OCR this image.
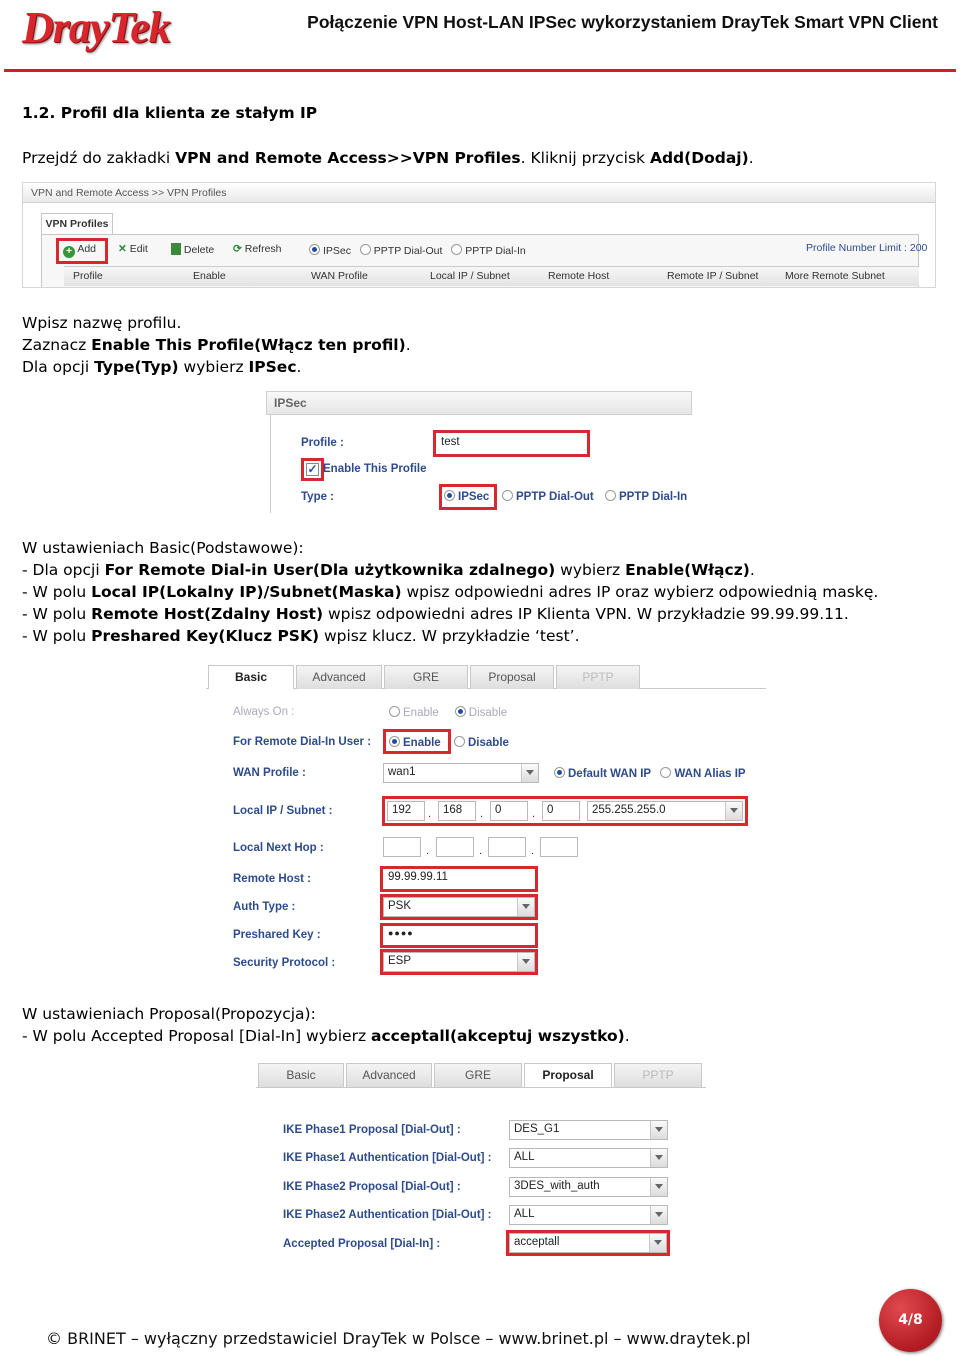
DrayTek	Połączenie VPN Host-LAN IPSec wykorzystaniem DrayTek Smart VPN Client
1.2. Profil dla klienta ze stałym IP
Przejdź do zakładki VPN and Remote Access>>VPN Profiles. Kliknij przycisk Add(Dodaj).
VPN and Remote Access >> VPN Profiles
VPN Profiles
+ Add ✕ Edit	Delete ⟳ Refresh	IPSec PPTP Dial-Out PPTP Dial-In	Profile Number Limit : 200
Profile	Enable	WAN Profile	Local IP / Subnet	Remote Host	Remote IP / Subnet	More Remote Subnet
Wpisz nazwę profilu.
Zaznacz Enable This Profile(Włącz ten profil).
Dla opcji Type(Typ) wybierz IPSec.
IPSec
Profile :	test
✓ Enable This Profile
Type :	IPSec	PPTP Dial-Out	PPTP Dial-In
W ustawieniach Basic(Podstawowe):
- Dla opcji For Remote Dial-in User(Dla użytkownika zdalnego) wybierz Enable(Włącz).
- W polu Local IP(Lokalny IP)/Subnet(Maska) wpisz odpowiedni adres IP oraz wybierz odpowiednią maskę.
- W polu Remote Host(Zdalny Host) wpisz odpowiedni adres IP Klienta VPN. W przykładzie 99.99.99.11.
- W polu Preshared Key(Klucz PSK) wpisz klucz. W przykładzie ‘test’.
Basic	Advanced	GRE	Proposal	PPTP
Always On :	Enable	Disable
For Remote Dial-In User :	Enable	Disable
WAN Profile :	wan1	Default WAN IP WAN Alias IP
Local IP / Subnet :	192	.	168	.	0	.	0	255.255.255.0
Local Next Hop :	.	.	.
Remote Host :	99.99.99.11
Auth Type :	PSK
Preshared Key :	●●●●
Security Protocol :	ESP
W ustawieniach Proposal(Propozycja):
- W polu Accepted Proposal [Dial-In] wybierz acceptall(akceptuj wszystko).
Basic	Advanced	GRE	Proposal	PPTP
IKE Phase1 Proposal [Dial-Out] :	DES_G1
IKE Phase1 Authentication [Dial-Out] :	ALL
IKE Phase2 Proposal [Dial-Out] :	3DES_with_auth
IKE Phase2 Authentication [Dial-Out] :	ALL
Accepted Proposal [Dial-In] :	acceptall
© BRINET – wyłączny przedstawiciel DrayTek w Polsce – www.brinet.pl – www.draytek.pl
4/8
